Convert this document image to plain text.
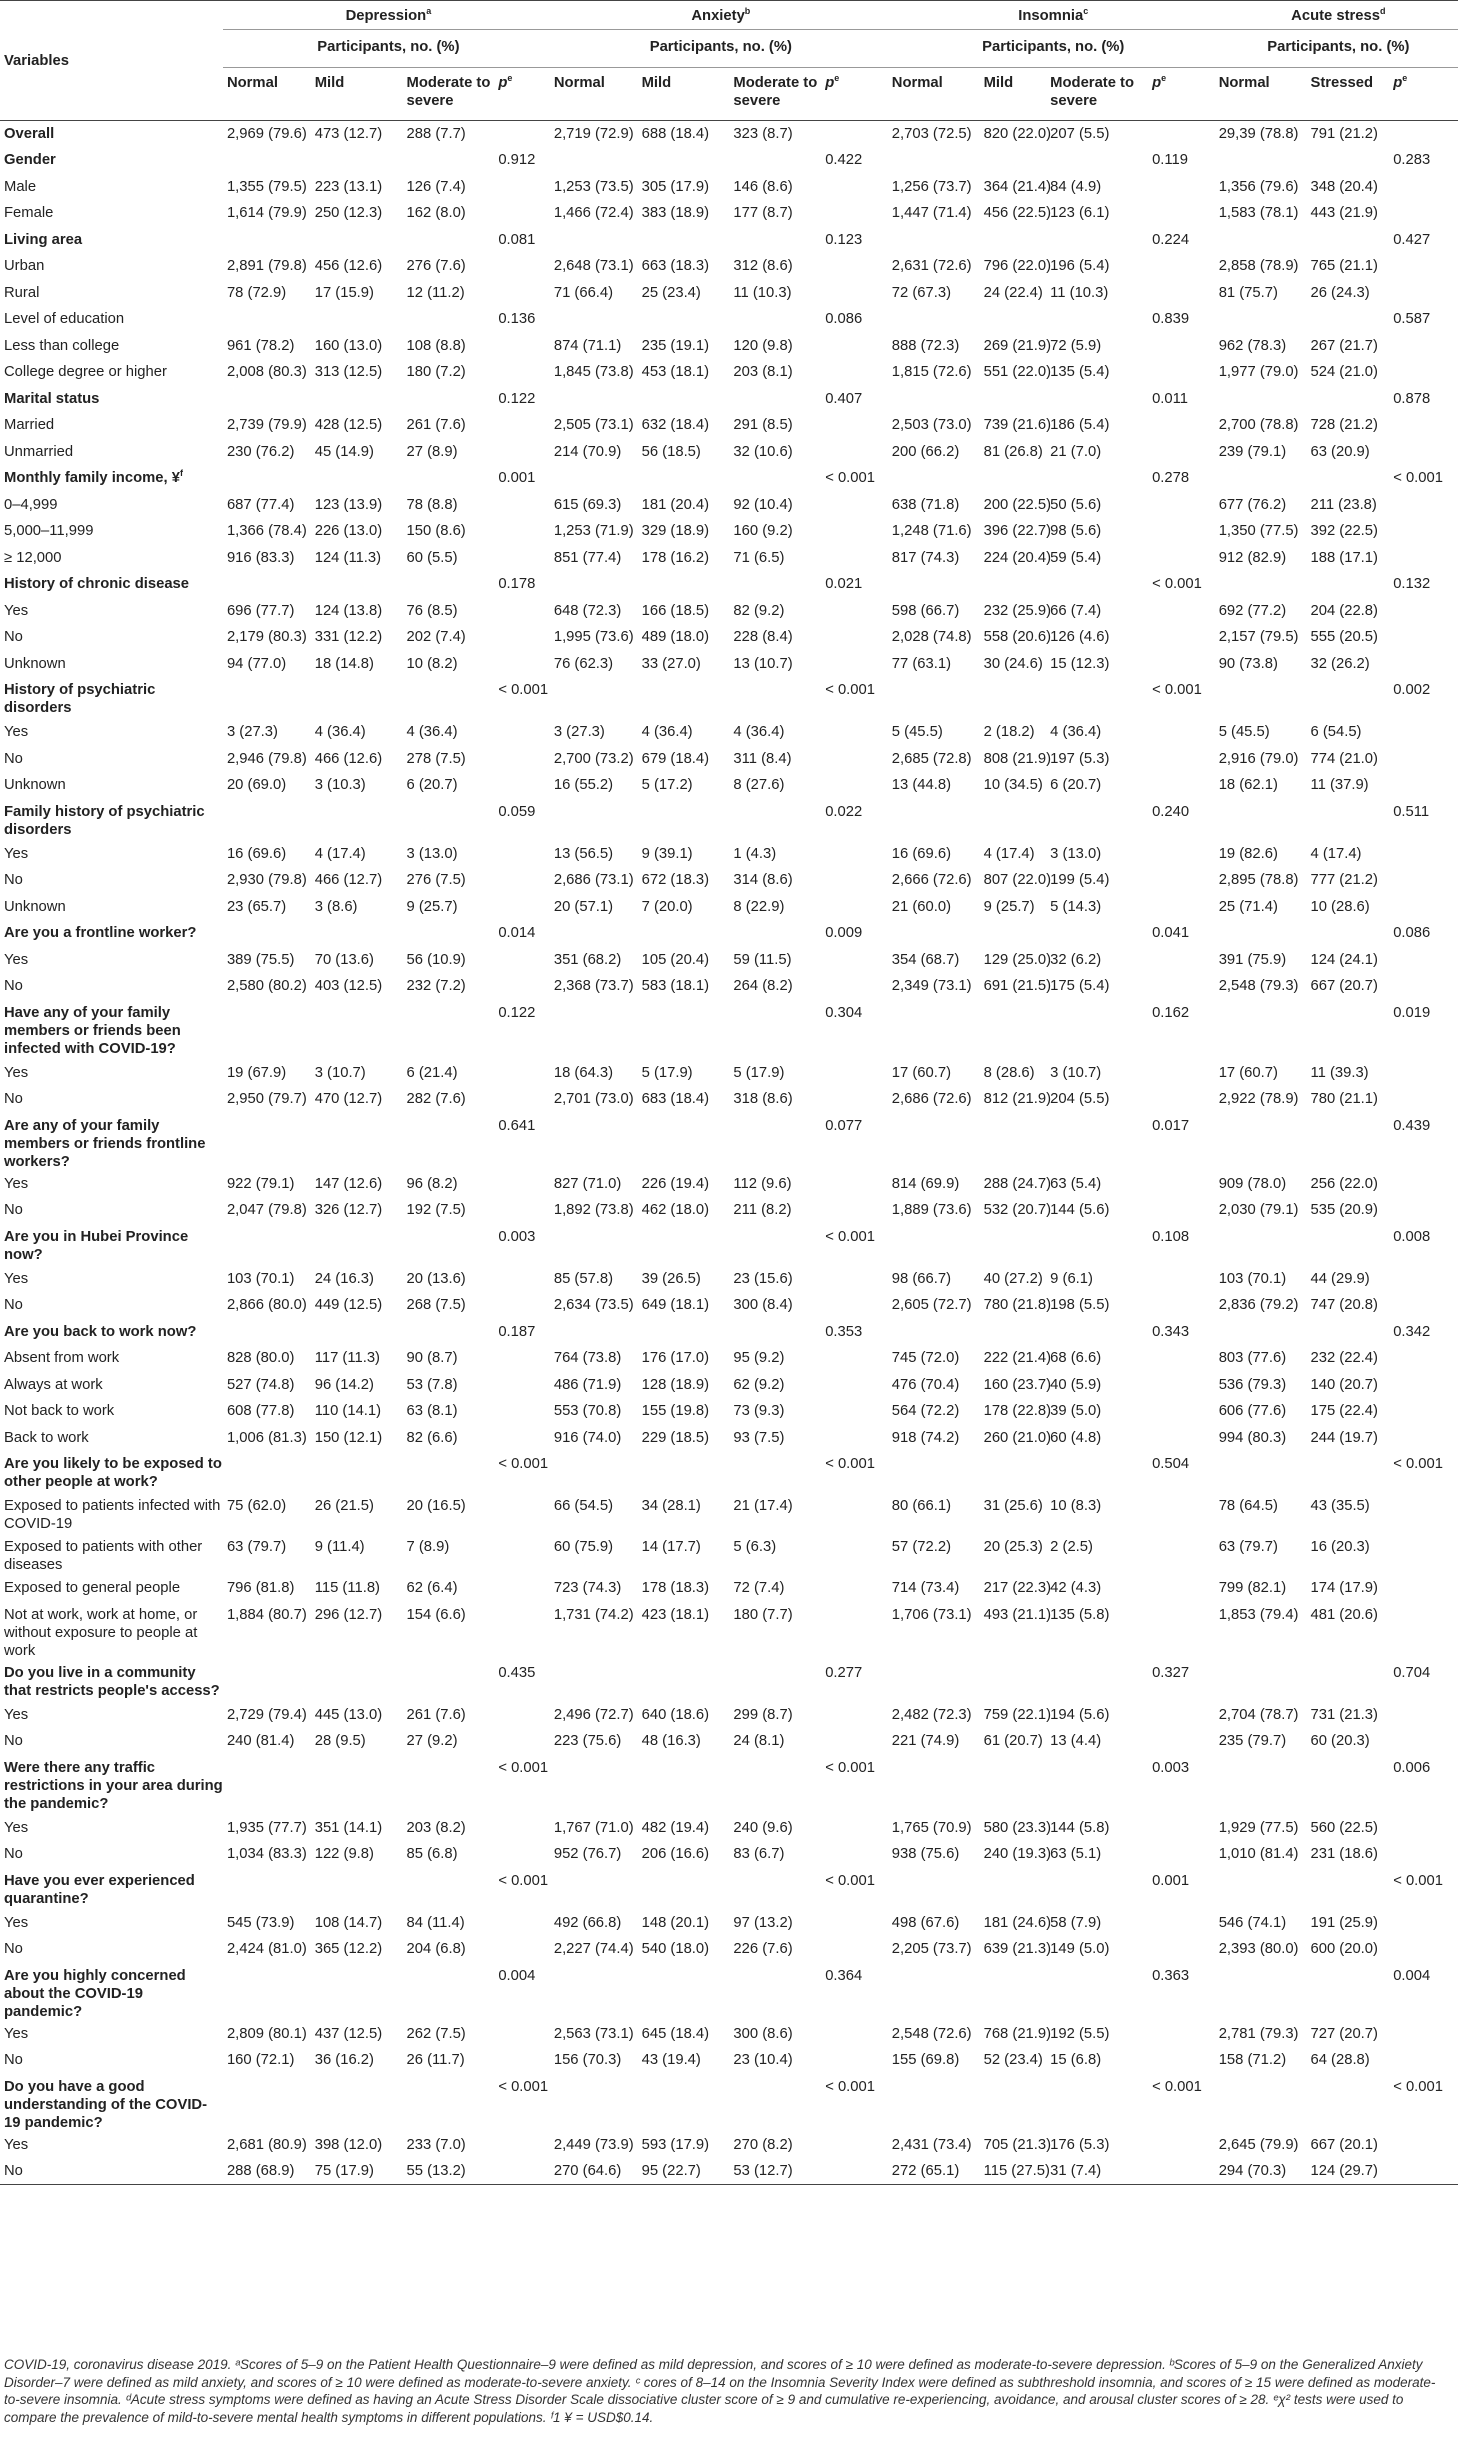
Variables	Depression$^a$				Anxiety$^b$				Insomnia$^c$				Acute stress$^d$
	Participants, no. (%)				Participants, no. (%)				Participants, no. (%)				Participants, no. (%)		
	Normal	Mild	Moderate to severe	$p^e$	Normal	Mild	Moderate to severe	$p^e$	Normal	Mild	Moderate to severe	$p^e$	Normal	Stressed	$p^e$
Overall	2,969 (79.6)	473 (12.7)	288 (7.7)		2,719 (72.9)	688 (18.4)	323 (8.7)		2,703 (72.5)	820 (22.0)	207 (5.5)		29,39 (78.8)	791 (21.2)	
Gender				0.912				0.422				0.119			0.283
Male	1,355 (79.5)	223 (13.1)	126 (7.4)		1,253 (73.5)	305 (17.9)	146 (8.6)		1,256 (73.7)	364 (21.4)	84 (4.9)		1,356 (79.6)	348 (20.4)	
Female	1,614 (79.9)	250 (12.3)	162 (8.0)		1,466 (72.4)	383 (18.9)	177 (8.7)		1,447 (71.4)	456 (22.5)	123 (6.1)		1,583 (78.1)	443 (21.9)	
Living area				0.081				0.123				0.224			0.427
Urban	2,891 (79.8)	456 (12.6)	276 (7.6)		2,648 (73.1)	663 (18.3)	312 (8.6)		2,631 (72.6)	796 (22.0)	196 (5.4)		2,858 (78.9)	765 (21.1)	
Rural	78 (72.9)	17 (15.9)	12 (11.2)		71 (66.4)	25 (23.4)	11 (10.3)		72 (67.3)	24 (22.4)	11 (10.3)		81 (75.7)	26 (24.3)	
Level of education				0.136				0.086				0.839			0.587
Less than college	961 (78.2)	160 (13.0)	108 (8.8)		874 (71.1)	235 (19.1)	120 (9.8)		888 (72.3)	269 (21.9)	72 (5.9)		962 (78.3)	267 (21.7)	
College degree or higher	2,008 (80.3)	313 (12.5)	180 (7.2)		1,845 (73.8)	453 (18.1)	203 (8.1)		1,815 (72.6)	551 (22.0)	135 (5.4)		1,977 (79.0)	524 (21.0)	
Marital status				0.122				0.407				0.011			0.878
Married	2,739 (79.9)	428 (12.5)	261 (7.6)		2,505 (73.1)	632 (18.4)	291 (8.5)		2,503 (73.0)	739 (21.6)	186 (5.4)		2,700 (78.8)	728 (21.2)	
Unmarried	230 (76.2)	45 (14.9)	27 (8.9)		214 (70.9)	56 (18.5)	32 (10.6)		200 (66.2)	81 (26.8)	21 (7.0)		239 (79.1)	63 (20.9)	
Monthly family income, ¥$^f$				0.001				< 0.001				0.278			< 0.001
0–4,999	687 (77.4)	123 (13.9)	78 (8.8)		615 (69.3)	181 (20.4)	92 (10.4)		638 (71.8)	200 (22.5)	50 (5.6)		677 (76.2)	211 (23.8)	
5,000–11,999	1,366 (78.4)	226 (13.0)	150 (8.6)		1,253 (71.9)	329 (18.9)	160 (9.2)		1,248 (71.6)	396 (22.7)	98 (5.6)		1,350 (77.5)	392 (22.5)	
≥ 12,000	916 (83.3)	124 (11.3)	60 (5.5)		851 (77.4)	178 (16.2)	71 (6.5)		817 (74.3)	224 (20.4)	59 (5.4)		912 (82.9)	188 (17.1)	
History of chronic disease				0.178				0.021				< 0.001			0.132
Yes	696 (77.7)	124 (13.8)	76 (8.5)		648 (72.3)	166 (18.5)	82 (9.2)		598 (66.7)	232 (25.9)	66 (7.4)		692 (77.2)	204 (22.8)	
No	2,179 (80.3)	331 (12.2)	202 (7.4)		1,995 (73.6)	489 (18.0)	228 (8.4)		2,028 (74.8)	558 (20.6)	126 (4.6)		2,157 (79.5)	555 (20.5)	
Unknown	94 (77.0)	18 (14.8)	10 (8.2)		76 (62.3)	33 (27.0)	13 (10.7)		77 (63.1)	30 (24.6)	15 (12.3)		90 (73.8)	32 (26.2)	
History of psychiatric disorders				< 0.001				< 0.001				< 0.001			0.002
Yes	3 (27.3)	4 (36.4)	4 (36.4)		3 (27.3)	4 (36.4)	4 (36.4)		5 (45.5)	2 (18.2)	4 (36.4)		5 (45.5)	6 (54.5)	
No	2,946 (79.8)	466 (12.6)	278 (7.5)		2,700 (73.2)	679 (18.4)	311 (8.4)		2,685 (72.8)	808 (21.9)	197 (5.3)		2,916 (79.0)	774 (21.0)	
Unknown	20 (69.0)	3 (10.3)	6 (20.7)		16 (55.2)	5 (17.2)	8 (27.6)		13 (44.8)	10 (34.5)	6 (20.7)		18 (62.1)	11 (37.9)	
Family history of psychiatric disorders				0.059				0.022				0.240			0.511
Yes	16 (69.6)	4 (17.4)	3 (13.0)		13 (56.5)	9 (39.1)	1 (4.3)		16 (69.6)	4 (17.4)	3 (13.0)		19 (82.6)	4 (17.4)	
No	2,930 (79.8)	466 (12.7)	276 (7.5)		2,686 (73.1)	672 (18.3)	314 (8.6)		2,666 (72.6)	807 (22.0)	199 (5.4)		2,895 (78.8)	777 (21.2)	
Unknown	23 (65.7)	3 (8.6)	9 (25.7)		20 (57.1)	7 (20.0)	8 (22.9)		21 (60.0)	9 (25.7)	5 (14.3)		25 (71.4)	10 (28.6)	
Are you a frontline worker?				0.014				0.009				0.041			0.086
Yes	389 (75.5)	70 (13.6)	56 (10.9)		351 (68.2)	105 (20.4)	59 (11.5)		354 (68.7)	129 (25.0)	32 (6.2)		391 (75.9)	124 (24.1)	
No	2,580 (80.2)	403 (12.5)	232 (7.2)		2,368 (73.7)	583 (18.1)	264 (8.2)		2,349 (73.1)	691 (21.5)	175 (5.4)		2,548 (79.3)	667 (20.7)	
Have any of your family members or friends been infected with COVID-19?				0.122				0.304				0.162			0.019
Yes	19 (67.9)	3 (10.7)	6 (21.4)		18 (64.3)	5 (17.9)	5 (17.9)		17 (60.7)	8 (28.6)	3 (10.7)		17 (60.7)	11 (39.3)	
No	2,950 (79.7)	470 (12.7)	282 (7.6)		2,701 (73.0)	683 (18.4)	318 (8.6)		2,686 (72.6)	812 (21.9)	204 (5.5)		2,922 (78.9)	780 (21.1)	
Are any of your family members or friends frontline workers?				0.641				0.077				0.017			0.439
Yes	922 (79.1)	147 (12.6)	96 (8.2)		827 (71.0)	226 (19.4)	112 (9.6)		814 (69.9)	288 (24.7)	63 (5.4)		909 (78.0)	256 (22.0)	
No	2,047 (79.8)	326 (12.7)	192 (7.5)		1,892 (73.8)	462 (18.0)	211 (8.2)		1,889 (73.6)	532 (20.7)	144 (5.6)		2,030 (79.1)	535 (20.9)	
Are you in Hubei Province now?				0.003				< 0.001				0.108			0.008
Yes	103 (70.1)	24 (16.3)	20 (13.6)		85 (57.8)	39 (26.5)	23 (15.6)		98 (66.7)	40 (27.2)	9 (6.1)		103 (70.1)	44 (29.9)	
No	2,866 (80.0)	449 (12.5)	268 (7.5)		2,634 (73.5)	649 (18.1)	300 (8.4)		2,605 (72.7)	780 (21.8)	198 (5.5)		2,836 (79.2)	747 (20.8)	
Are you back to work now?				0.187				0.353				0.343			0.342
Absent from work	828 (80.0)	117 (11.3)	90 (8.7)		764 (73.8)	176 (17.0)	95 (9.2)		745 (72.0)	222 (21.4)	68 (6.6)		803 (77.6)	232 (22.4)	
Always at work	527 (74.8)	96 (14.2)	53 (7.8)		486 (71.9)	128 (18.9)	62 (9.2)		476 (70.4)	160 (23.7)	40 (5.9)		536 (79.3)	140 (20.7)	
Not back to work	608 (77.8)	110 (14.1)	63 (8.1)		553 (70.8)	155 (19.8)	73 (9.3)		564 (72.2)	178 (22.8)	39 (5.0)		606 (77.6)	175 (22.4)	
Back to work	1,006 (81.3)	150 (12.1)	82 (6.6)		916 (74.0)	229 (18.5)	93 (7.5)		918 (74.2)	260 (21.0)	60 (4.8)		994 (80.3)	244 (19.7)	
Are you likely to be exposed to other people at work?				< 0.001				< 0.001				0.504			< 0.001
Exposed to patients infected with COVID-19	75 (62.0)	26 (21.5)	20 (16.5)		66 (54.5)	34 (28.1)	21 (17.4)		80 (66.1)	31 (25.6)	10 (8.3)		78 (64.5)	43 (35.5)	
Exposed to patients with other diseases	63 (79.7)	9 (11.4)	7 (8.9)		60 (75.9)	14 (17.7)	5 (6.3)		57 (72.2)	20 (25.3)	2 (2.5)		63 (79.7)	16 (20.3)	
Exposed to general people	796 (81.8)	115 (11.8)	62 (6.4)		723 (74.3)	178 (18.3)	72 (7.4)		714 (73.4)	217 (22.3)	42 (4.3)		799 (82.1)	174 (17.9)	
Not at work, work at home, or without exposure to people at work	1,884 (80.7)	296 (12.7)	154 (6.6)		1,731 (74.2)	423 (18.1)	180 (7.7)		1,706 (73.1)	493 (21.1)	135 (5.8)		1,853 (79.4)	481 (20.6)	
Do you live in a community that restricts people's access?				0.435				0.277				0.327			0.704
Yes	2,729 (79.4)	445 (13.0)	261 (7.6)		2,496 (72.7)	640 (18.6)	299 (8.7)		2,482 (72.3)	759 (22.1)	194 (5.6)		2,704 (78.7)	731 (21.3)	
No	240 (81.4)	28 (9.5)	27 (9.2)		223 (75.6)	48 (16.3)	24 (8.1)		221 (74.9)	61 (20.7)	13 (4.4)		235 (79.7)	60 (20.3)	
Were there any traffic restrictions in your area during the pandemic?				< 0.001				< 0.001				0.003			0.006
Yes	1,935 (77.7)	351 (14.1)	203 (8.2)		1,767 (71.0)	482 (19.4)	240 (9.6)		1,765 (70.9)	580 (23.3)	144 (5.8)		1,929 (77.5)	560 (22.5)	
No	1,034 (83.3)	122 (9.8)	85 (6.8)		952 (76.7)	206 (16.6)	83 (6.7)		938 (75.6)	240 (19.3)	63 (5.1)		1,010 (81.4)	231 (18.6)	
Have you ever experienced quarantine?				< 0.001				< 0.001				0.001			< 0.001
Yes	545 (73.9)	108 (14.7)	84 (11.4)		492 (66.8)	148 (20.1)	97 (13.2)		498 (67.6)	181 (24.6)	58 (7.9)		546 (74.1)	191 (25.9)	
No	2,424 (81.0)	365 (12.2)	204 (6.8)		2,227 (74.4)	540 (18.0)	226 (7.6)		2,205 (73.7)	639 (21.3)	149 (5.0)		2,393 (80.0)	600 (20.0)	
Are you highly concerned about the COVID-19 pandemic?				0.004				0.364				0.363			0.004
Yes	2,809 (80.1)	437 (12.5)	262 (7.5)		2,563 (73.1)	645 (18.4)	300 (8.6)		2,548 (72.6)	768 (21.9)	192 (5.5)		2,781 (79.3)	727 (20.7)	
No	160 (72.1)	36 (16.2)	26 (11.7)		156 (70.3)	43 (19.4)	23 (10.4)		155 (69.8)	52 (23.4)	15 (6.8)		158 (71.2)	64 (28.8)	
Do you have a good understanding of the COVID-19 pandemic?				< 0.001				< 0.001				< 0.001			< 0.001
Yes	2,681 (80.9)	398 (12.0)	233 (7.0)		2,449 (73.9)	593 (17.9)	270 (8.2)		2,431 (73.4)	705 (21.3)	176 (5.3)		2,645 (79.9)	667 (20.1)	
No	288 (68.9)	75 (17.9)	55 (13.2)		270 (64.6)	95 (22.7)	53 (12.7)		272 (65.1)	115 (27.5)	31 (7.4)		294 (70.3)	124 (29.7)	
COVID-19, coronavirus disease 2019. ᵃScores of 5–9 on the Patient Health Questionnaire–9 were defined as mild depression, and scores of ≥ 10 were defined as moderate-to-severe depression. ᵇScores of 5–9 on the Generalized Anxiety Disorder–7 were defined as mild anxiety, and scores of ≥ 10 were defined as moderate-to-severe anxiety. ᶜ cores of 8–14 on the Insomnia Severity Index were defined as subthreshold insomnia, and scores of ≥ 15 were defined as moderate-to-severe insomnia. ᵈAcute stress symptoms were defined as having an Acute Stress Disorder Scale dissociative cluster score of ≥ 9 and cumulative re-experiencing, avoidance, and arousal cluster scores of ≥ 28. ᵉχ² tests were used to compare the prevalence of mild-to-severe mental health symptoms in different populations. ᶠ1 ¥ = USD$0.14.
